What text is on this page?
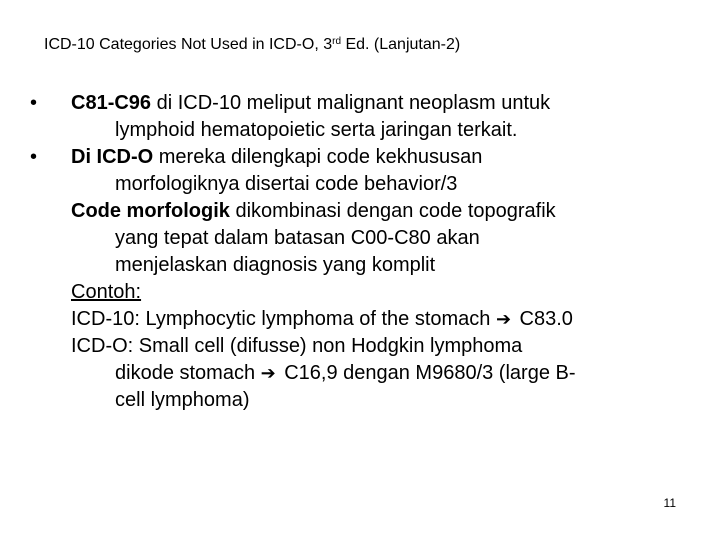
ICD-10 Categories Not Used in ICD-O, 3rd Ed. (Lanjutan-2)
•	C81-C96 di ICD-10 meliput malignant neoplasm untuk
lymphoid hematopoietic serta jaringan terkait.
•	Di ICD-O mereka dilengkapi code kekhususan
morfologiknya disertai code behavior/3
Code morfologik dikombinasi dengan code topografik
yang tepat dalam batasan C00-C80 akan
menjelaskan diagnosis yang komplit
Contoh:
ICD-10: Lymphocytic lymphoma of the stomach ➔ C83.0
ICD-O: Small cell (difusse) non Hodgkin lymphoma
dikode stomach ➔ C16,9 dengan M9680/3 (large B-
cell lymphoma)
11
